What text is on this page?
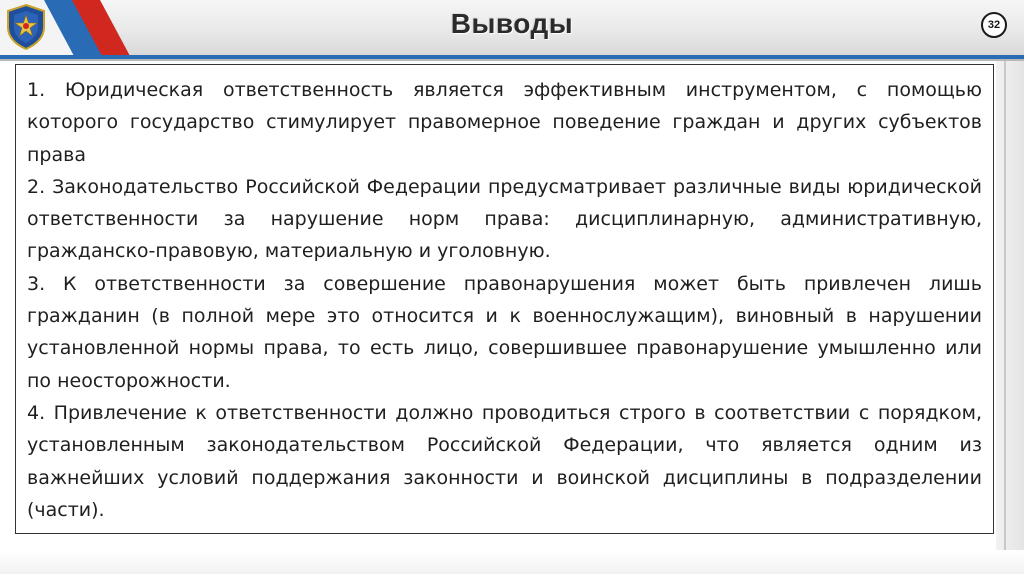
Выводы	32

1. Юридическая ответственность является эффективным инструментом, с помощью которого государство стимулирует правомерное поведение граждан и других субъектов права

2. Законодательство Российской Федерации предусматривает различные виды юридической ответственности за нарушение норм права: дисциплинарную, административную, гражданско-правовую, материальную и уголовную.

3. К ответственности за совершение правонарушения может быть привлечен лишь гражданин (в полной мере это относится и к военнослужащим), виновный в нарушении установленной нормы права, то есть лицо, совершившее правонарушение умышленно или по неосторожности.

4. Привлечение к ответственности должно проводиться строго в соответствии с порядком, установленным законодательством Российской Федерации, что является одним из важнейших условий поддержания законности и воинской дисциплины в подразделении (части).
